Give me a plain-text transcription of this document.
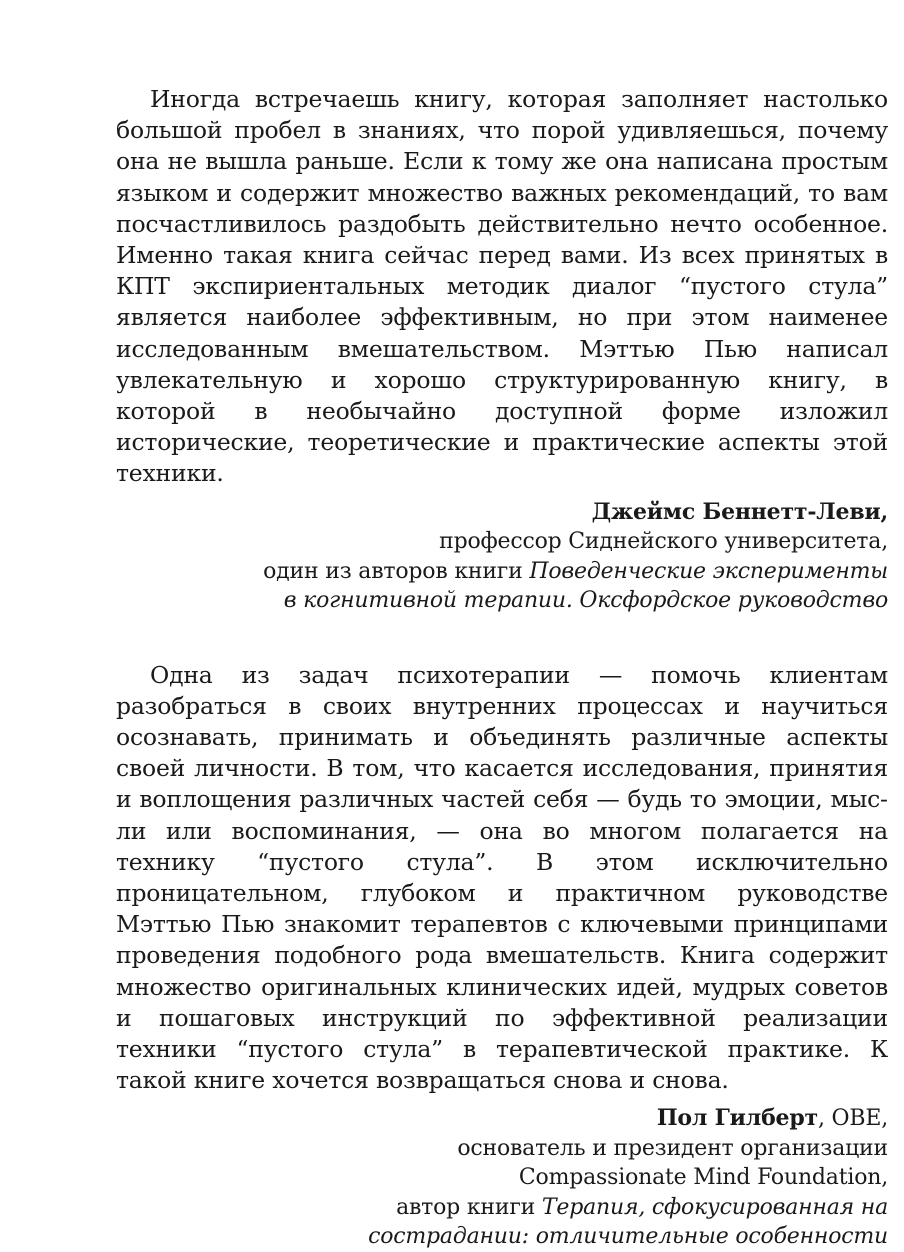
Иногда встречаешь книгу, которая заполняет настолько большой пробел в знаниях, что порой удивляешься, почему она не вышла раньше. Если к тому же она написана простым языком и содержит множество важных рекомендаций, то вам посчастливилось раздобыть действительно нечто особенное. Именно такая книга сейчас перед вами. Из всех принятых в КПТ экспириентальных методик диалог “пустого стула” является наиболее эффективным, но при этом наименее исследованным вмешательством. Мэттью Пью написал увлекательную и хорошо структурированную книгу, в которой в необычайно доступной форме изложил исторические, теоретические и практические аспекты этой техники.

Джеймс Беннетт-Леви,
профессор Сиднейского университета,
один из авторов книги Поведенческие эксперименты
в когнитивной терапии. Оксфордское руководство

Одна из задач психотерапии — помочь клиентам разобраться в своих внутренних процессах и научиться осознавать, принимать и объединять различные аспекты своей личности. В том, что касается исследования, принятия и воплощения различных частей себя — будь то эмоции, мысли или воспоминания, — она во многом полагается на технику “пустого стула”. В этом исключительно проницательном, глубоком и практичном руководстве Мэттью Пью знакомит терапевтов с ключевыми принципами проведения подобного рода вмешательств. Книга содержит множество оригинальных клинических идей, мудрых советов и пошаговых инструкций по эффективной реализации техники “пустого стула” в терапевтической практике. К такой книге хочется возвращаться снова и снова.

Пол Гилберт, OBE,
основатель и президент организации
Compassionate Mind Foundation,
автор книги Терапия, сфокусированная на
сострадании: отличительные особенности
